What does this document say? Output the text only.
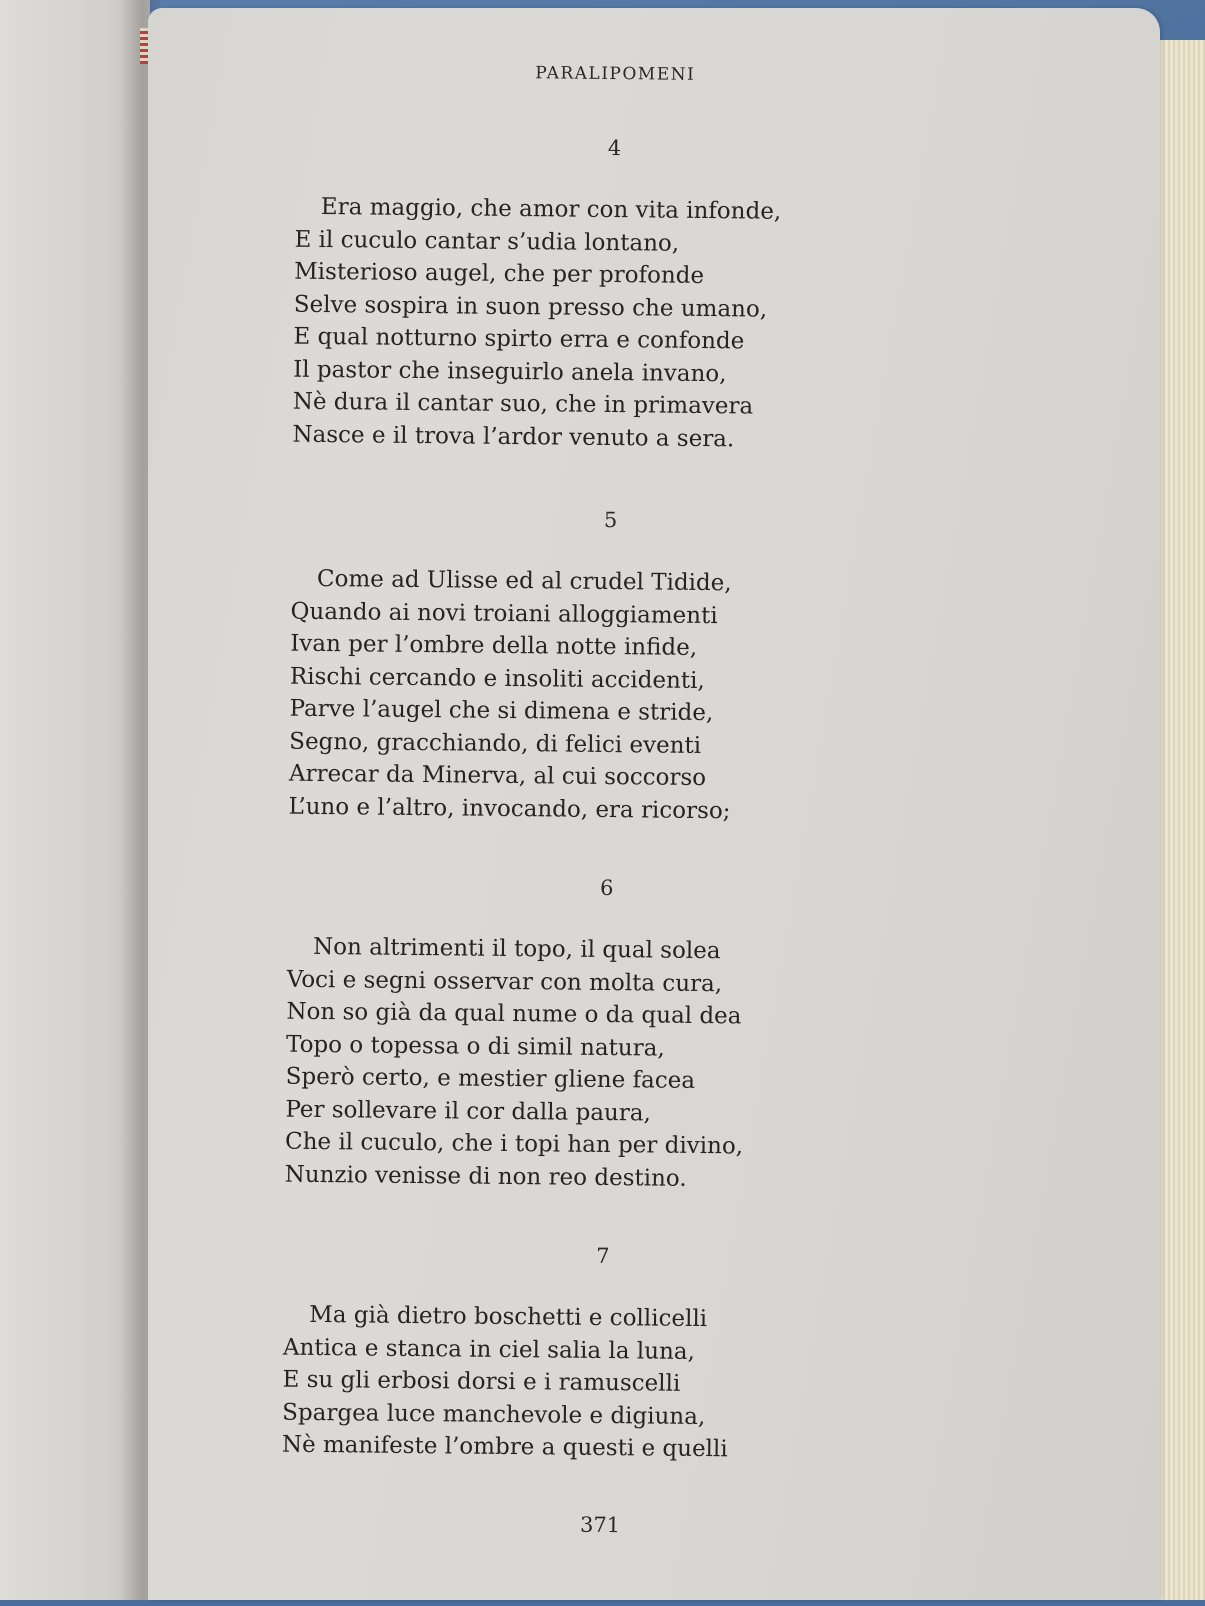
PARALIPOMENI
4
Era maggio, che amor con vita infonde,
E il cuculo cantar s’udia lontano,
Misterioso augel, che per profonde
Selve sospira in suon presso che umano,
E qual notturno spirto erra e confonde
Il pastor che inseguirlo anela invano,
Nè dura il cantar suo, che in primavera
Nasce e il trova l’ardor venuto a sera.
5
Come ad Ulisse ed al crudel Tidide,
Quando ai novi troiani alloggiamenti
Ivan per l’ombre della notte infide,
Rischi cercando e insoliti accidenti,
Parve l’augel che si dimena e stride,
Segno, gracchiando, di felici eventi
Arrecar da Minerva, al cui soccorso
L’uno e l’altro, invocando, era ricorso;
6
Non altrimenti il topo, il qual solea
Voci e segni osservar con molta cura,
Non so già da qual nume o da qual dea
Topo o topessa o di simil natura,
Sperò certo, e mestier gliene facea
Per sollevare il cor dalla paura,
Che il cuculo, che i topi han per divino,
Nunzio venisse di non reo destino.
7
Ma già dietro boschetti e collicelli
Antica e stanca in ciel salia la luna,
E su gli erbosi dorsi e i ramuscelli
Spargea luce manchevole e digiuna,
Nè manifeste l’ombre a questi e quelli
371
